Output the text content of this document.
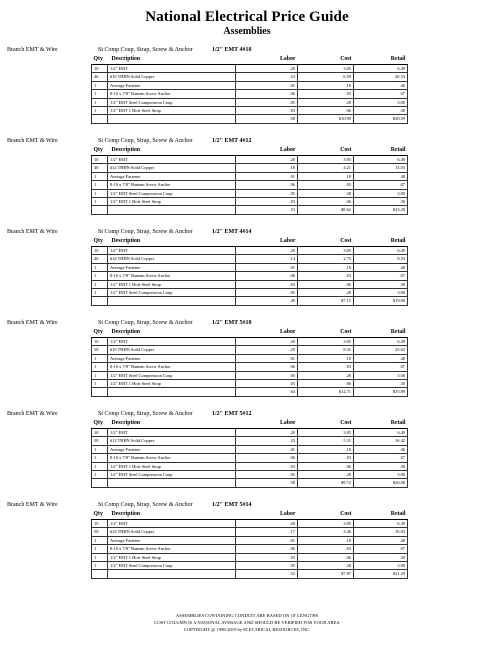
National Electrical Price Guide
Assemblies
Branch EMT & Wire	St Comp Coup, Strap, Screw & Anchor	1/2" EMT 4#10
Qty	Description	Labor	Cost	Retail
10	1/2" EMT	.20	3.85	6.49
46	#10 THHN Solid Copper	.23	6.59	20.33
1	Average Fastener	.01	.18	.40
1	8-10 x 7/8" Bantam Screw Anchor	.06	.03	.07
1	1/2" EMT Steel Compression Coup	.05	.28	3.00
1	1/2" EMT 1 Hole Steel Strap	.03	.06	.30
		.58	$10.99	$30.59
Branch EMT & Wire	St Comp Coup, Strap, Screw & Anchor	1/2" EMT 4#12
Qty	Description	Labor	Cost	Retail
10	1/2" EMT	.20	3.85	6.49
46	#12 THHN Solid Copper	.18	4.21	13.03
1	Average Fastener	.01	.18	.40
1	8-10 x 7/8" Bantam Screw Anchor	.06	.03	.07
1	1/2" EMT Steel Compression Coup	.05	.28	3.00
1	1/2" EMT 1 Hole Steel Strap	.03	.06	.30
		.53	$8.62	$23.28
Branch EMT & Wire	St Comp Coup, Strap, Screw & Anchor	1/2" EMT 4#14
Qty	Description	Labor	Cost	Retail
10	1/2" EMT	.20	3.85	6.49
46	#14 THHN Solid Copper	.14	2.75	8.53
1	Average Fastener	.01	.18	.40
1	8-10 x 7/8" Bantam Screw Anchor	.06	.03	.07
1	1/2" EMT 1 Hole Steel Strap	.03	.06	.30
1	1/2" EMT Steel Compression Coup	.05	.28	3.00
		.49	$7.15	$19.00
Branch EMT & Wire	St Comp Coup, Strap, Screw & Anchor	1/2" EMT 5#10
Qty	Description	Labor	Cost	Retail
10	1/2" EMT	.20	3.85	6.49
58	#10 THHN Solid Copper	.29	8.31	25.63
1	Average Fastener	.01	.18	.40
1	8-10 x 7/8" Bantam Screw Anchor	.06	.03	.07
1	1/2" EMT Steel Compression Coup	.05	.28	3.00
1	1/2" EMT 1 Hole Steel Strap	.03	.06	.30
		.64	$12.71	$35.89
Branch EMT & Wire	St Comp Coup, Strap, Screw & Anchor	1/2" EMT 5#12
Qty	Description	Labor	Cost	Retail
10	1/2" EMT	.20	3.85	6.49
58	#12 THHN Solid Copper	.23	5.31	16.42
1	Average Fastener	.01	.18	.40
1	8-10 x 7/8" Bantam Screw Anchor	.06	.03	.07
1	1/2" EMT 1 Hole Steel Strap	.03	.06	.30
1	1/2" EMT Steel Compression Coup	.05	.28	3.00
		.58	$9.72	$26.68
Branch EMT & Wire	St Comp Coup, Strap, Screw & Anchor	1/2" EMT 5#14
Qty	Description	Labor	Cost	Retail
10	1/2" EMT	.20	3.85	6.49
58	#14 THHN Solid Copper	.17	3.46	10.93
1	Average Fastener	.01	.18	.40
1	8-10 x 7/8" Bantam Screw Anchor	.06	.03	.07
1	1/2" EMT 1 Hole Steel Strap	.03	.06	.30
1	1/2" EMT Steel Compression Coup	.05	.28	3.00
		.52	$7.87	$21.29
ASSEMBLIES CONTAINING CONDUIT ARE BASED ON 10' LENGTHS
COST COLUMN IS A NATIONAL AVERAGE AND SHOULD BE VERIFIED FOR YOUR AREA
COPYRIGHT @ 1996-2019 by ELECTRICAL RESOURCES, INC.
